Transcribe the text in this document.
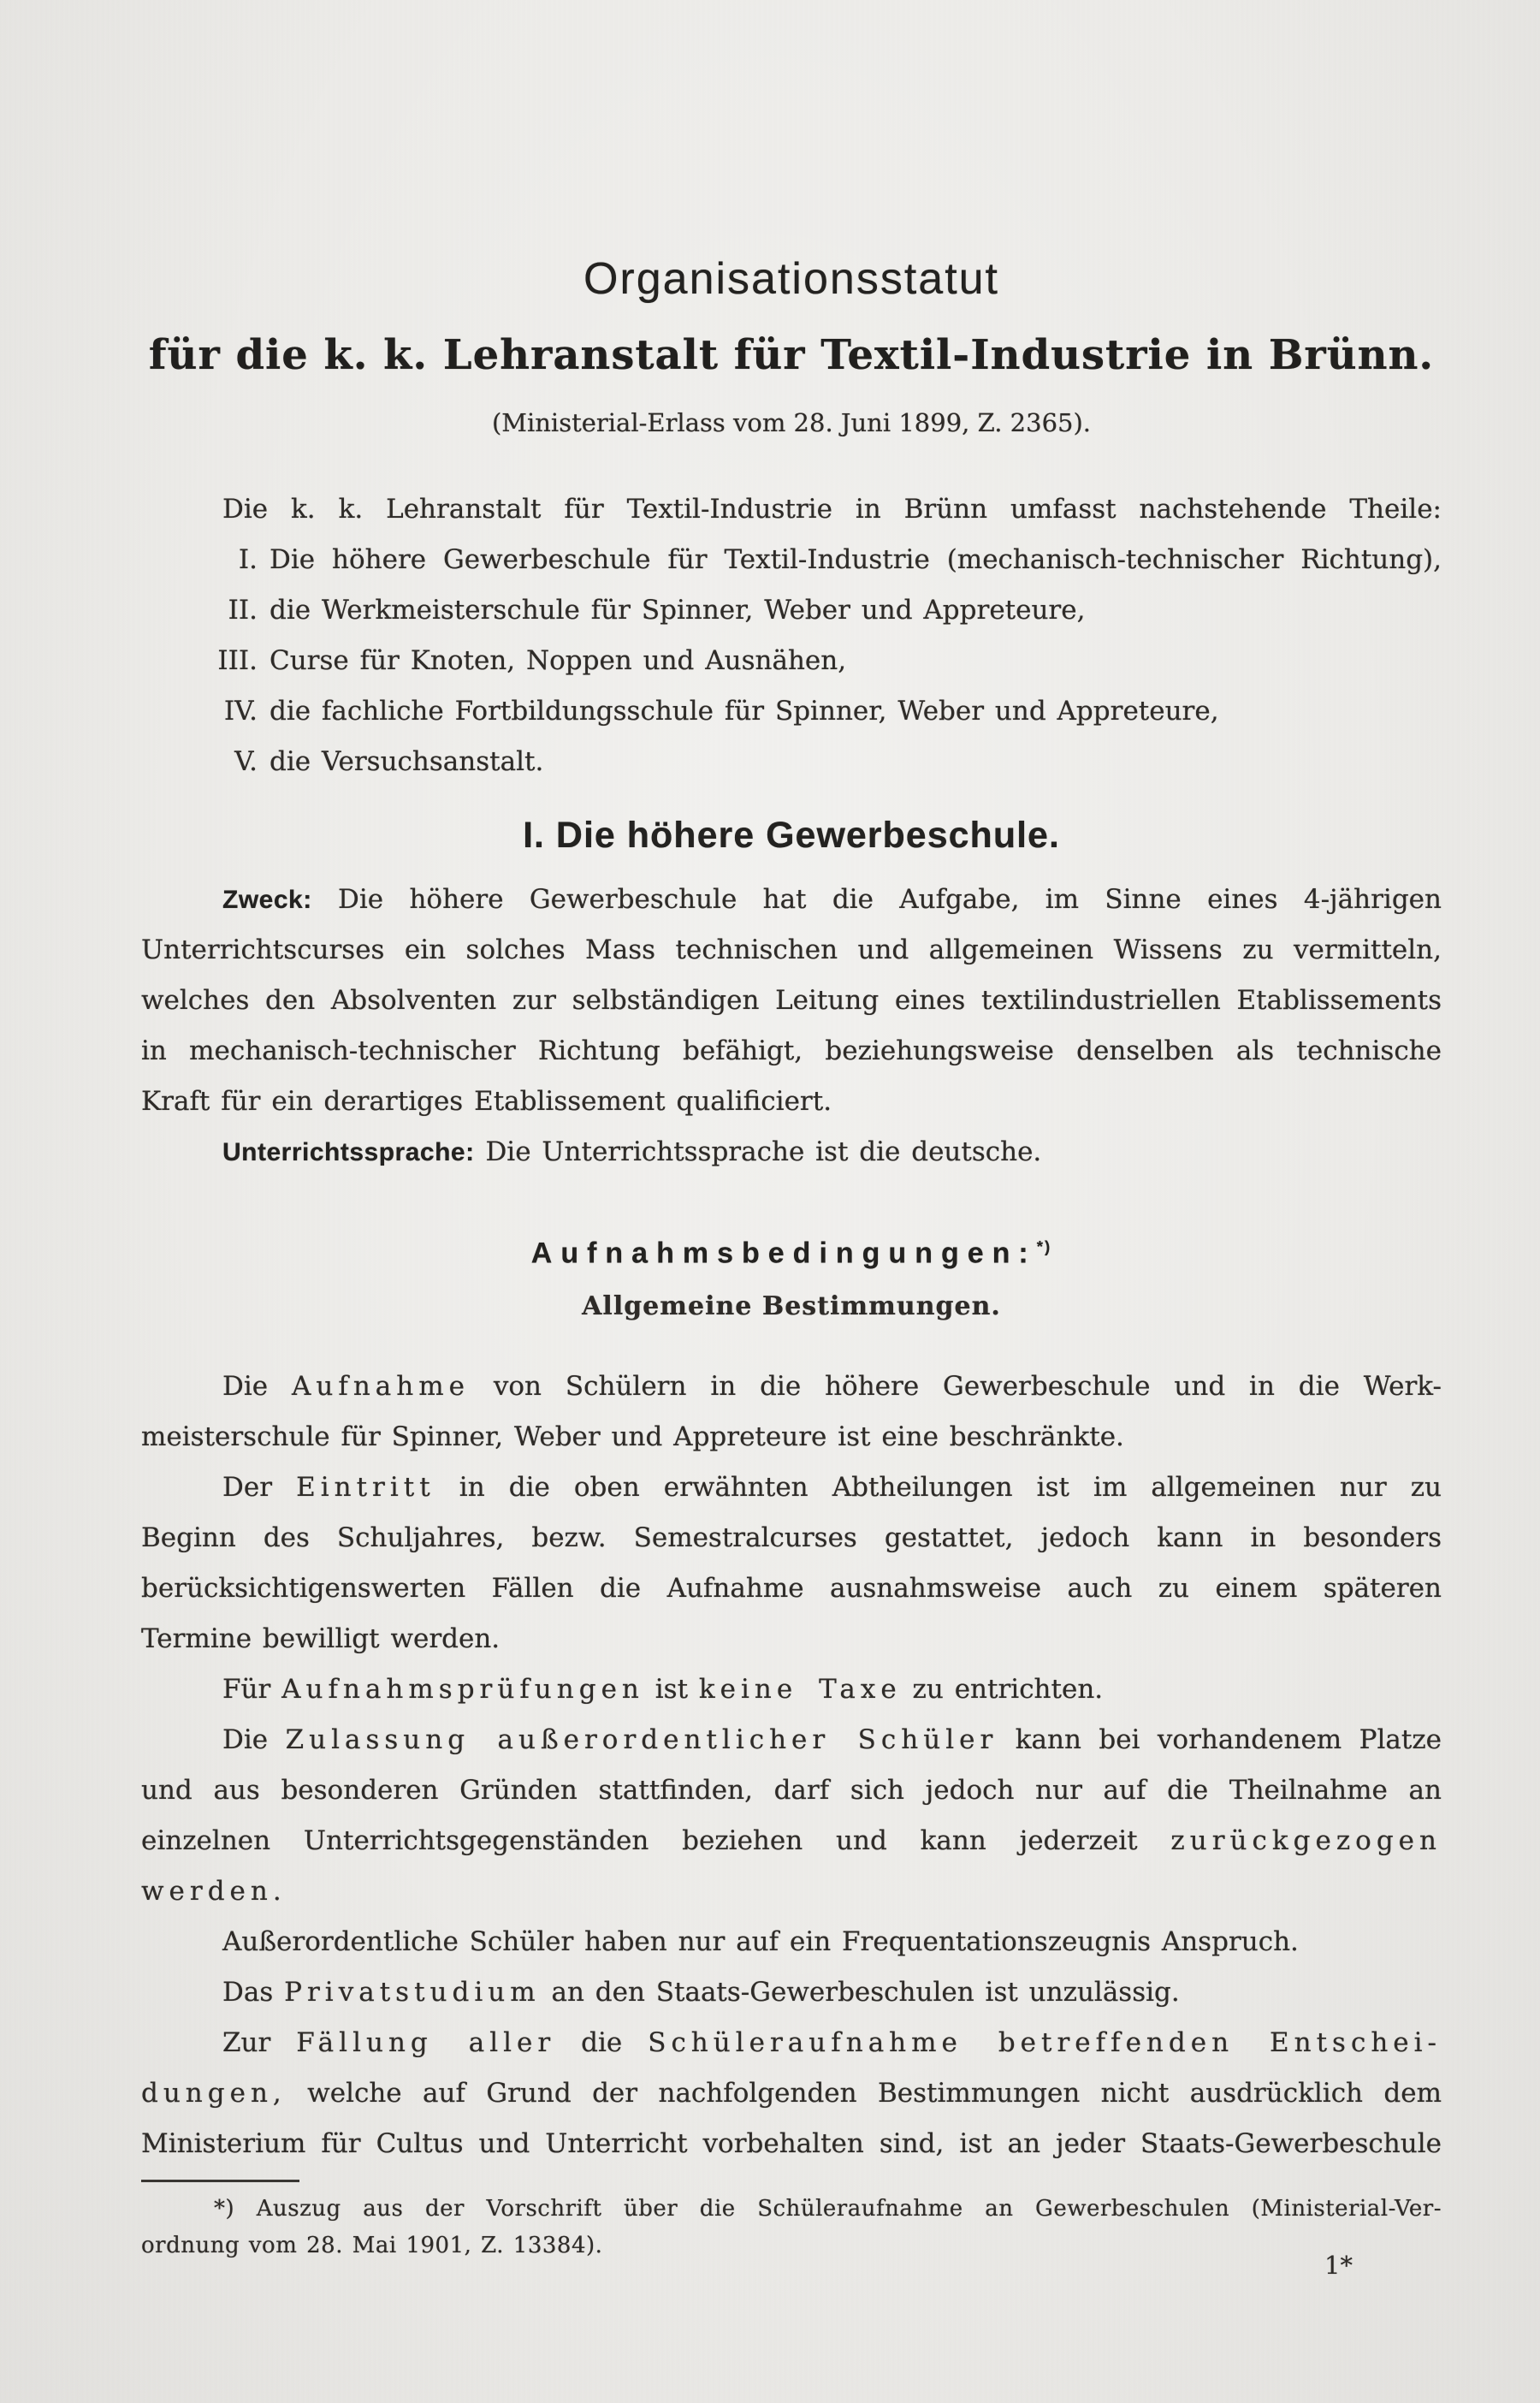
Organisationsstatut
für die k. k. Lehranstalt für Textil-Industrie in Brünn.
(Ministerial-Erlass vom 28. Juni 1899, Z. 2365).
Die k. k. Lehranstalt für Textil-Industrie in Brünn umfasst nachstehende Theile:
I. Die höhere Gewerbeschule für Textil-Industrie (mechanisch-technischer Richtung),
II. die Werkmeisterschule für Spinner, Weber und Appreteure,
III. Curse für Knoten, Noppen und Ausnähen,
IV. die fachliche Fortbildungsschule für Spinner, Weber und Appreteure,
V. die Versuchsanstalt.
I. Die höhere Gewerbeschule.
Zweck: Die höhere Gewerbeschule hat die Aufgabe, im Sinne eines 4-jährigen
Unterrichtscurses ein solches Mass technischen und allgemeinen Wissens zu vermitteln,
welches den Absolventen zur selbständigen Leitung eines textilindustriellen Etablissements
in mechanisch-technischer Richtung befähigt, beziehungsweise denselben als technische
Kraft für ein derartiges Etablissement qualificiert.
Unterrichtssprache: Die Unterrichtssprache ist die deutsche.
Aufnahmsbedingungen:*)
Allgemeine Bestimmungen.
Die Aufnahme von Schülern in die höhere Gewerbeschule und in die Werk-
meisterschule für Spinner, Weber und Appreteure ist eine beschränkte.
Der Eintritt in die oben erwähnten Abtheilungen ist im allgemeinen nur zu
Beginn des Schuljahres, bezw. Semestralcurses gestattet, jedoch kann in besonders
berücksichtigenswerten Fällen die Aufnahme ausnahmsweise auch zu einem späteren
Termine bewilligt werden.
Für Aufnahmsprüfungen ist keine Taxe zu entrichten.
Die Zulassung außerordentlicher Schüler kann bei vorhandenem Platze
und aus besonderen Gründen stattfinden, darf sich jedoch nur auf die Theilnahme an
einzelnen Unterrichtsgegenständen beziehen und kann jederzeit zurückgezogen
werden.
Außerordentliche Schüler haben nur auf ein Frequentationszeugnis Anspruch.
Das Privatstudium an den Staats-Gewerbeschulen ist unzulässig.
Zur Fällung aller die Schüleraufnahme betreffenden Entschei-
dungen, welche auf Grund der nachfolgenden Bestimmungen nicht ausdrücklich dem
Ministerium für Cultus und Unterricht vorbehalten sind, ist an jeder Staats-Gewerbeschule
*) Auszug aus der Vorschrift über die Schüleraufnahme an Gewerbeschulen (Ministerial-Ver-
ordnung vom 28. Mai 1901, Z. 13384).
1*
